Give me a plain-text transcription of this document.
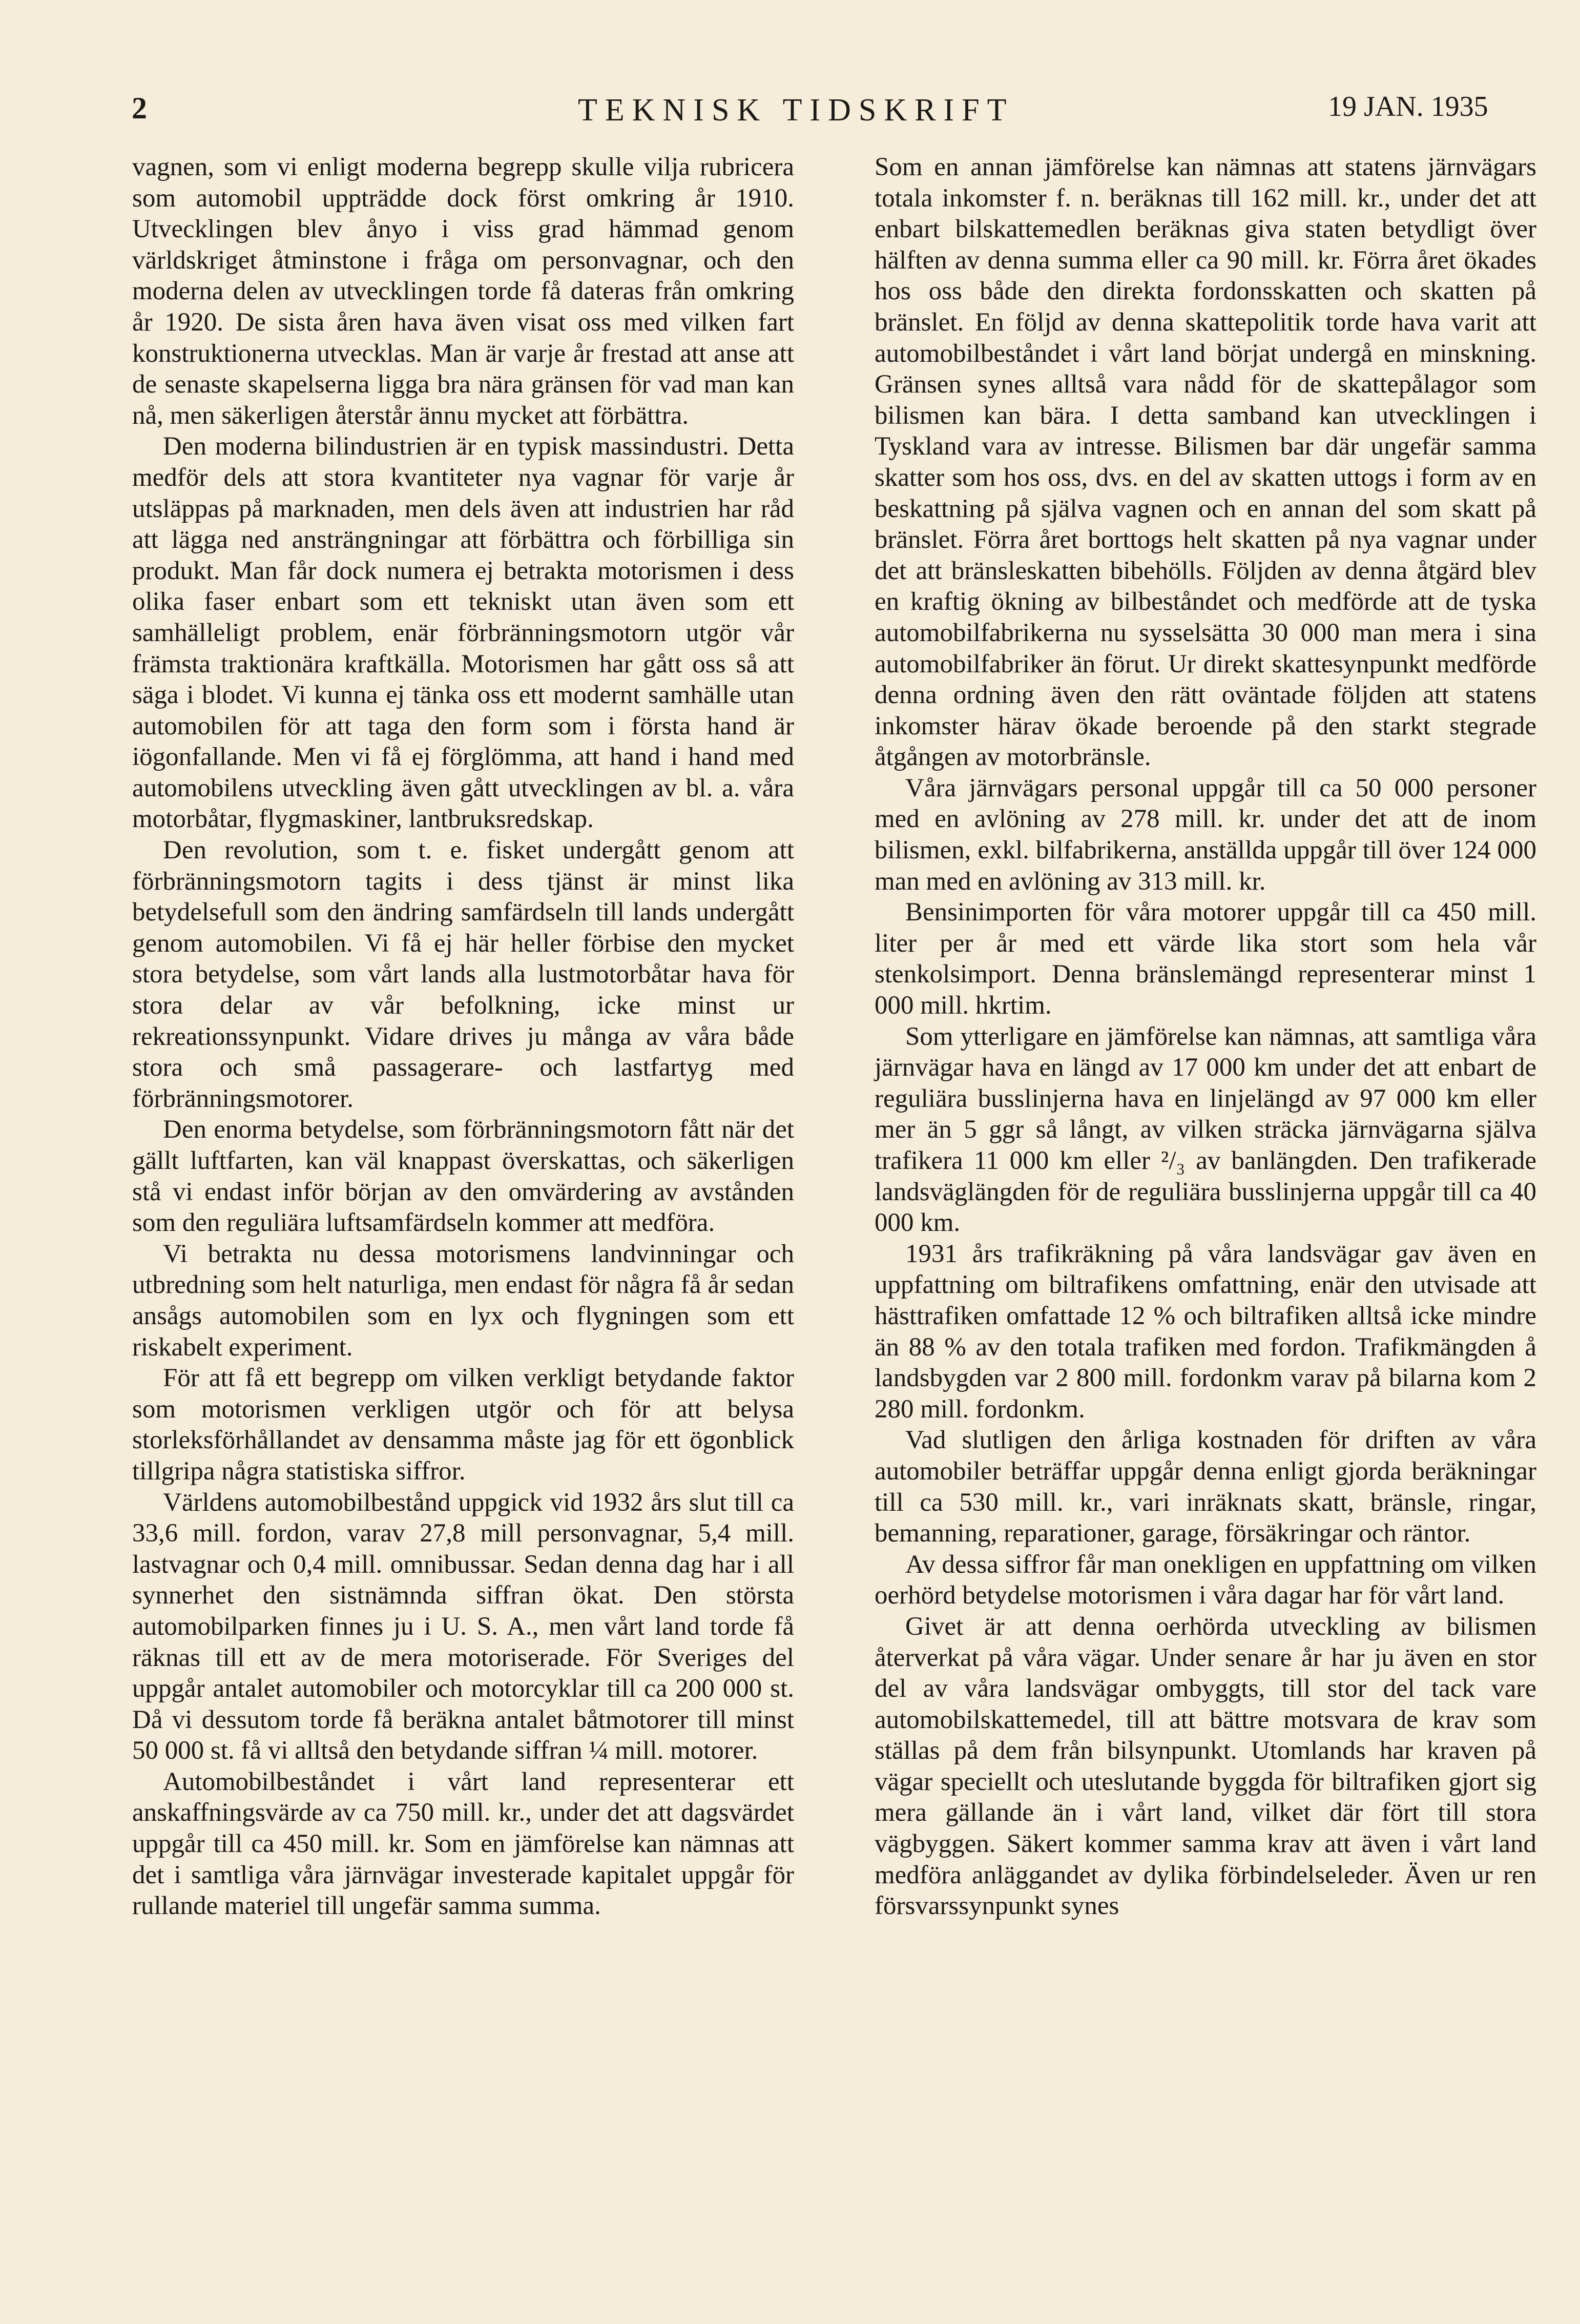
2	TEKNISK TIDSKRIFT	19 JAN. 1935

vagnen, som vi enligt moderna begrepp skulle vilja rubricera som automobil uppträdde dock först omkring år 1910. Utvecklingen blev ånyo i viss grad hämmad genom världskriget åtminstone i fråga om personvagnar, och den moderna delen av utvecklingen torde få dateras från omkring år 1920. De sista åren hava även visat oss med vilken fart konstruktionerna utvecklas. Man är varje år frestad att anse att de senaste skapelserna ligga bra nära gränsen för vad man kan nå, men säkerligen återstår ännu mycket att förbättra.

Den moderna bilindustrien är en typisk massindustri. Detta medför dels att stora kvantiteter nya vagnar för varje år utsläppas på marknaden, men dels även att industrien har råd att lägga ned ansträngningar att förbättra och förbilliga sin produkt. Man får dock numera ej betrakta motorismen i dess olika faser enbart som ett tekniskt utan även som ett samhälleligt problem, enär förbränningsmotorn utgör vår främsta traktionära kraftkälla. Motorismen har gått oss så att säga i blodet. Vi kunna ej tänka oss ett modernt samhälle utan automobilen för att taga den form som i första hand är iögonfallande. Men vi få ej förglömma, att hand i hand med automobilens utveckling även gått utvecklingen av bl. a. våra motorbåtar, flygmaskiner, lantbruksredskap.

Den revolution, som t. e. fisket undergått genom att förbränningsmotorn tagits i dess tjänst är minst lika betydelsefull som den ändring samfärdseln till lands undergått genom automobilen. Vi få ej här heller förbise den mycket stora betydelse, som vårt lands alla lustmotorbåtar hava för stora delar av vår befolkning, icke minst ur rekreationssynpunkt. Vidare drives ju många av våra både stora och små passagerare- och lastfartyg med förbränningsmotorer.

Den enorma betydelse, som förbränningsmotorn fått när det gällt luftfarten, kan väl knappast överskattas, och säkerligen stå vi endast inför början av den omvärdering av avstånden som den reguliära luftsamfärdseln kommer att medföra.

Vi betrakta nu dessa motorismens landvinningar och utbredning som helt naturliga, men endast för några få år sedan ansågs automobilen som en lyx och flygningen som ett riskabelt experiment.

För att få ett begrepp om vilken verkligt betydande faktor som motorismen verkligen utgör och för att belysa storleksförhållandet av densamma måste jag för ett ögonblick tillgripa några statistiska siffror.

Världens automobilbestånd uppgick vid 1932 års slut till ca 33,6 mill. fordon, varav 27,8 mill personvagnar, 5,4 mill. lastvagnar och 0,4 mill. omnibussar. Sedan denna dag har i all synnerhet den sistnämnda siffran ökat. Den största automobilparken finnes ju i U. S. A., men vårt land torde få räknas till ett av de mera motoriserade. För Sveriges del uppgår antalet automobiler och motorcyklar till ca 200 000 st. Då vi dessutom torde få beräkna antalet båtmotorer till minst 50 000 st. få vi alltså den betydande siffran ¼ mill. motorer.

Automobilbeståndet i vårt land representerar ett anskaffningsvärde av ca 750 mill. kr., under det att dagsvärdet uppgår till ca 450 mill. kr. Som en jämförelse kan nämnas att det i samtliga våra järnvägar investerade kapitalet uppgår för rullande materiel till ungefär samma summa.

Som en annan jämförelse kan nämnas att statens järnvägars totala inkomster f. n. beräknas till 162 mill. kr., under det att enbart bilskattemedlen beräknas giva staten betydligt över hälften av denna summa eller ca 90 mill. kr. Förra året ökades hos oss både den direkta fordonsskatten och skatten på bränslet. En följd av denna skattepolitik torde hava varit att automobilbeståndet i vårt land börjat undergå en minskning. Gränsen synes alltså vara nådd för de skattepålagor som bilismen kan bära. I detta samband kan utvecklingen i Tyskland vara av intresse. Bilismen bar där ungefär samma skatter som hos oss, dvs. en del av skatten uttogs i form av en beskattning på själva vagnen och en annan del som skatt på bränslet. Förra året borttogs helt skatten på nya vagnar under det att bränsleskatten bibehölls. Följden av denna åtgärd blev en kraftig ökning av bilbeståndet och medförde att de tyska automobilfabrikerna nu sysselsätta 30 000 man mera i sina automobilfabriker än förut. Ur direkt skattesynpunkt medförde denna ordning även den rätt oväntade följden att statens inkomster härav ökade beroende på den starkt stegrade åtgången av motorbränsle.

Våra järnvägars personal uppgår till ca 50 000 personer med en avlöning av 278 mill. kr. under det att de inom bilismen, exkl. bilfabrikerna, anställda uppgår till över 124 000 man med en avlöning av 313 mill. kr.

Bensinimporten för våra motorer uppgår till ca 450 mill. liter per år med ett värde lika stort som hela vår stenkolsimport. Denna bränslemängd representerar minst 1 000 mill. hkrtim.

Som ytterligare en jämförelse kan nämnas, att samtliga våra järnvägar hava en längd av 17 000 km under det att enbart de reguliära busslinjerna hava en linjelängd av 97 000 km eller mer än 5 ggr så långt, av vilken sträcka järnvägarna själva trafikera 11 000 km eller ²/₃ av banlängden. Den trafikerade landsväglängden för de reguliära busslinjerna uppgår till ca 40 000 km.

1931 års trafikräkning på våra landsvägar gav även en uppfattning om biltrafikens omfattning, enär den utvisade att hästtrafiken omfattade 12 % och biltrafiken alltså icke mindre än 88 % av den totala trafiken med fordon. Trafikmängden å landsbygden var 2 800 mill. fordonkm varav på bilarna kom 2 280 mill. fordonkm.

Vad slutligen den årliga kostnaden för driften av våra automobiler beträffar uppgår denna enligt gjorda beräkningar till ca 530 mill. kr., vari inräknats skatt, bränsle, ringar, bemanning, reparationer, garage, försäkringar och räntor.

Av dessa siffror får man onekligen en uppfattning om vilken oerhörd betydelse motorismen i våra dagar har för vårt land.

Givet är att denna oerhörda utveckling av bilismen återverkat på våra vägar. Under senare år har ju även en stor del av våra landsvägar ombyggts, till stor del tack vare automobilskattemedel, till att bättre motsvara de krav som ställas på dem från bilsynpunkt. Utomlands har kraven på vägar speciellt och uteslutande byggda för biltrafiken gjort sig mera gällande än i vårt land, vilket där fört till stora vägbyggen. Säkert kommer samma krav att även i vårt land medföra anläggandet av dylika förbindelseleder. Även ur ren försvarssynpunkt synes
